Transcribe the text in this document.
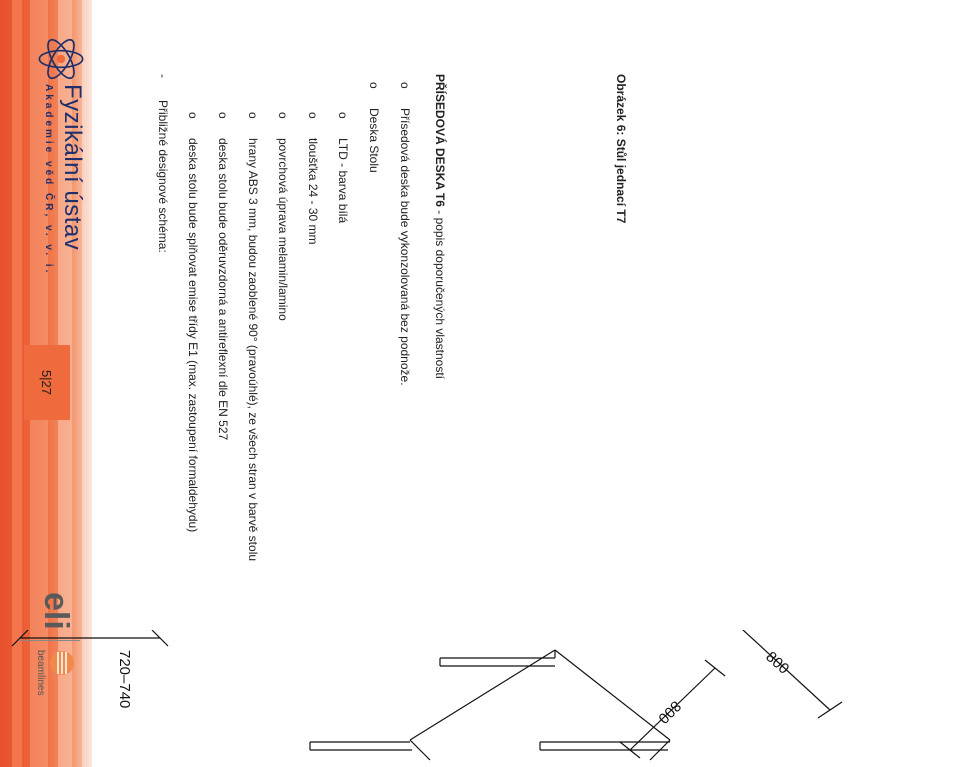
800
800
720–740
Obrázek 6: Stůl jednací T7
PŘÍSEDOVÁ DESKA T6 - popis doporučených vlastností
o
Přísedová deska bude vykonzolovaná bez podnože.
o
Deska Stolu
o
LTD - barva bílá
o
tloušťka 24 - 30 mm
o
povrchová úprava melamin/lamino
o
hrany ABS 3 mm, budou zaoblené 90° (pravoúhlé), ze všech stran v barvě stolu
o
deska stolu bude oděruvzdorná a antireflexní dle EN 527
o
deska stolu bude splňovat emise třídy E1 (max. zastoupení formaldehydu)
-
Přibližné designové schéma:
Fyzikální ústav
Akademie věd ČR, v. v. i.
5|27
eli
beamlines
